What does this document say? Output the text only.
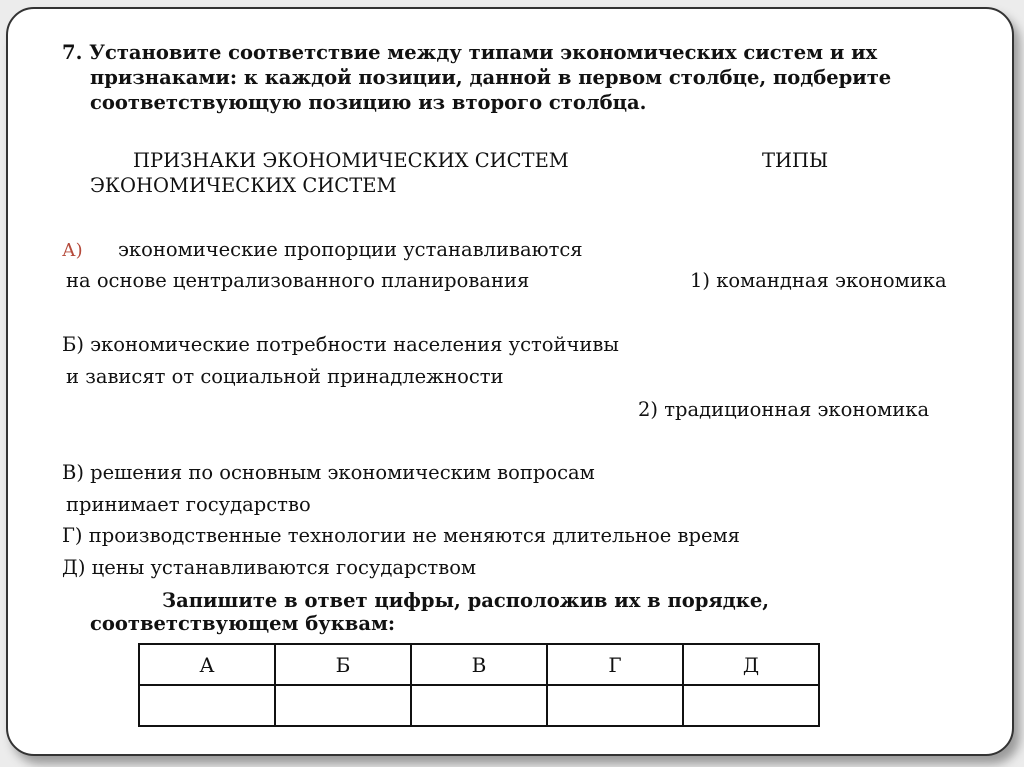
7. Установите соответствие между типами экономических систем и их
признаками: к каждой позиции, данной в первом столбце, подберите
соответствующую позицию из второго столбца.
ПРИЗНАКИ ЭКОНОМИЧЕСКИХ СИСТЕМ	ТИПЫ
ЭКОНОМИЧЕСКИХ СИСТЕМ
А) экономические пропорции устанавливаются
на основе централизованного планирования	1) командная экономика
Б) экономические потребности населения устойчивы
и зависят от социальной принадлежности
2) традиционная экономика
В) решения по основным экономическим вопросам
принимает государство
Г) производственные технологии не меняются длительное время
Д) цены устанавливаются государством
Запишите в ответ цифры, расположив их в порядке,
соответствующем буквам:
А	Б	В	Г	Д
